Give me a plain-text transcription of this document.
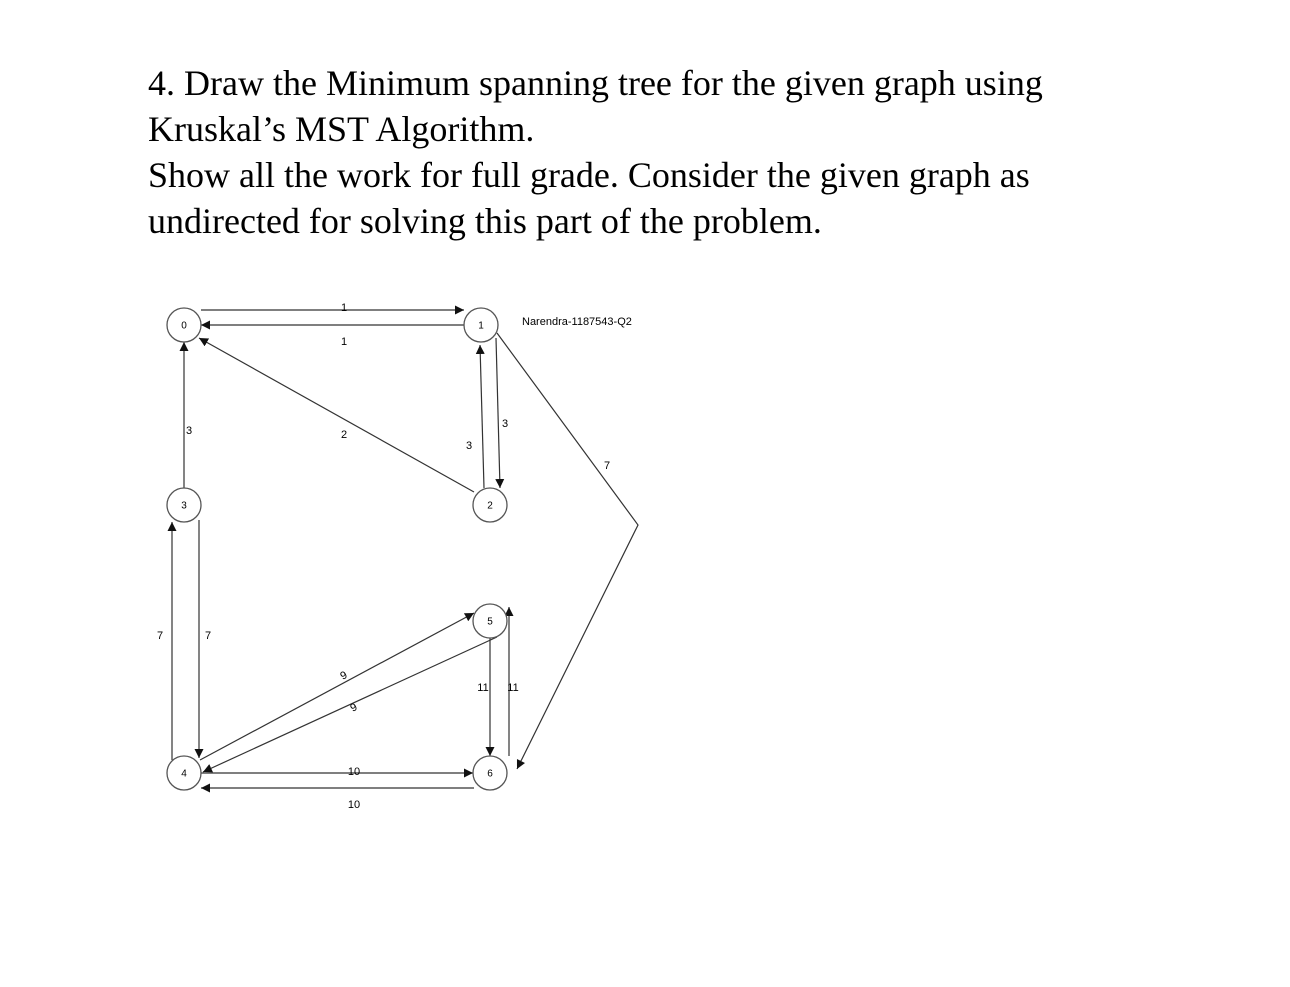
4. Draw the Minimum spanning tree for the given graph using

Kruskal’s MST Algorithm.

Show all the work for full grade. Consider the given graph as

undirected for solving this part of the problem.

1
1
2
3
3
3
7
7	7
9
9
11 11
10
10
0	1
2
3
4
5
6
Narendra-1187543-Q2
